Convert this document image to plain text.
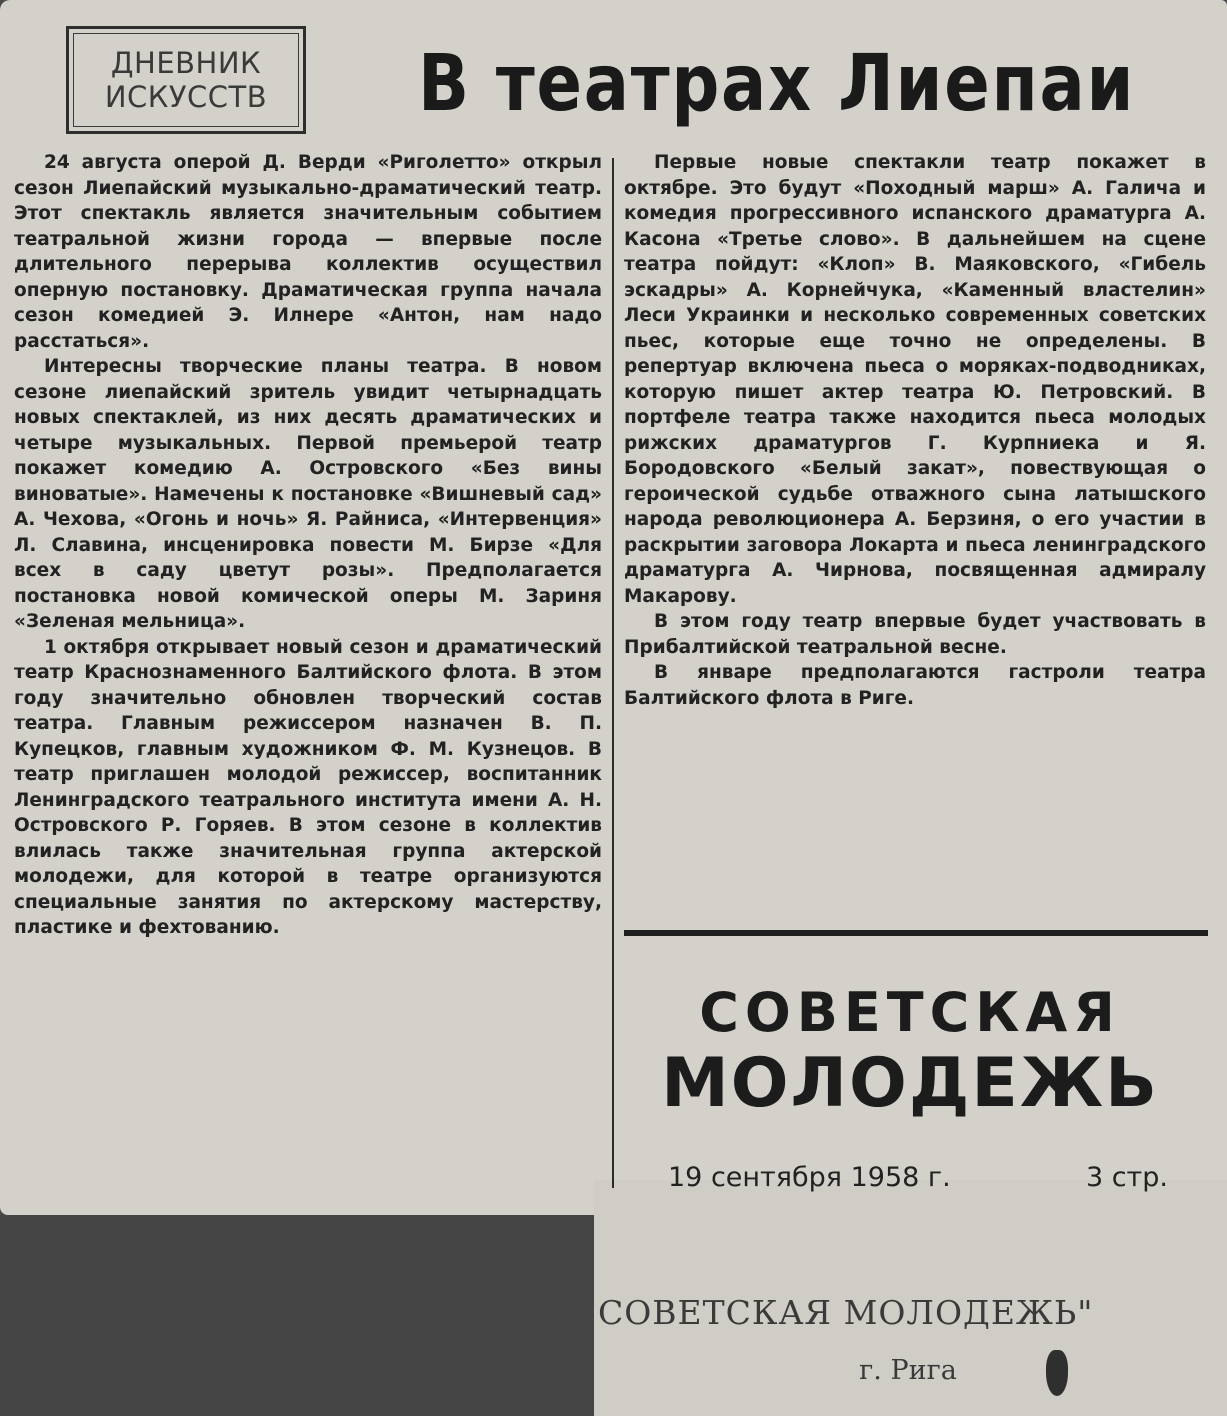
ДНЕВНИК
ИСКУССТВ В театрах Лиепаи

24 августа оперой Д. Верди «Риголетто» открыл сезон Лиепайский музыкально-драматический театр. Этот спектакль является значительным событием театральной жизни города — впервые после длительного перерыва коллектив осуществил оперную постановку. Драматическая группа начала сезон комедией Э. Илнере «Антон, нам надо расстаться».

Интересны творческие планы театра. В новом сезоне лиепайский зритель увидит четырнадцать новых спектаклей, из них десять драматических и четыре музыкальных. Первой премьерой театр покажет комедию А. Островского «Без вины виноватые». Намечены к постановке «Вишневый сад» А. Чехова, «Огонь и ночь» Я. Райниса, «Интервенция» Л. Славина, инсценировка повести М. Бирзе «Для всех в саду цветут розы». Предполагается постановка новой комической оперы М. Зариня «Зеленая мельница».

1 октября открывает новый сезон и драматический театр Краснознаменного Балтийского флота. В этом году значительно обновлен творческий состав театра. Главным режиссером назначен В. П. Купецков, главным художником Ф. М. Кузнецов. В театр приглашен молодой режиссер, воспитанник Ленинградского театрального института имени А. Н. Островского Р. Горяев. В этом сезоне в коллектив влилась также значительная группа актерской молодежи, для которой в театре организуются специальные занятия по актерскому мастерству, пластике и фехтованию.

Первые новые спектакли театр покажет в октябре. Это будут «Походный марш» А. Галича и комедия прогрессивного испанского драматурга А. Касона «Третье слово». В дальнейшем на сцене театра пойдут: «Клоп» В. Маяковского, «Гибель эскадры» А. Корнейчука, «Каменный властелин» Леси Украинки и несколько современных советских пьес, которые еще точно не определены. В репертуар включена пьеса о моряках-подводниках, которую пишет актер театра Ю. Петровский. В портфеле театра также находится пьеса молодых рижских драматургов Г. Курпниека и Я. Бородовского «Белый закат», повествующая о героической судьбе отважного сына латышского народа революционера А. Берзиня, о его участии в раскрытии заговора Локарта и пьеса ленинградского драматурга А. Чирнова, посвященная адмиралу Макарову.

В этом году театр впервые будет участвовать в Прибалтийской театральной весне.

В январе предполагаются гастроли театра Балтийского флота в Риге.

СОВЕТСКАЯ
МОЛОДЕЖЬ
19 сентября 1958 г.	3 стр.
СОВЕТСКАЯ МОЛОДЕЖЬ"
г. Рига
